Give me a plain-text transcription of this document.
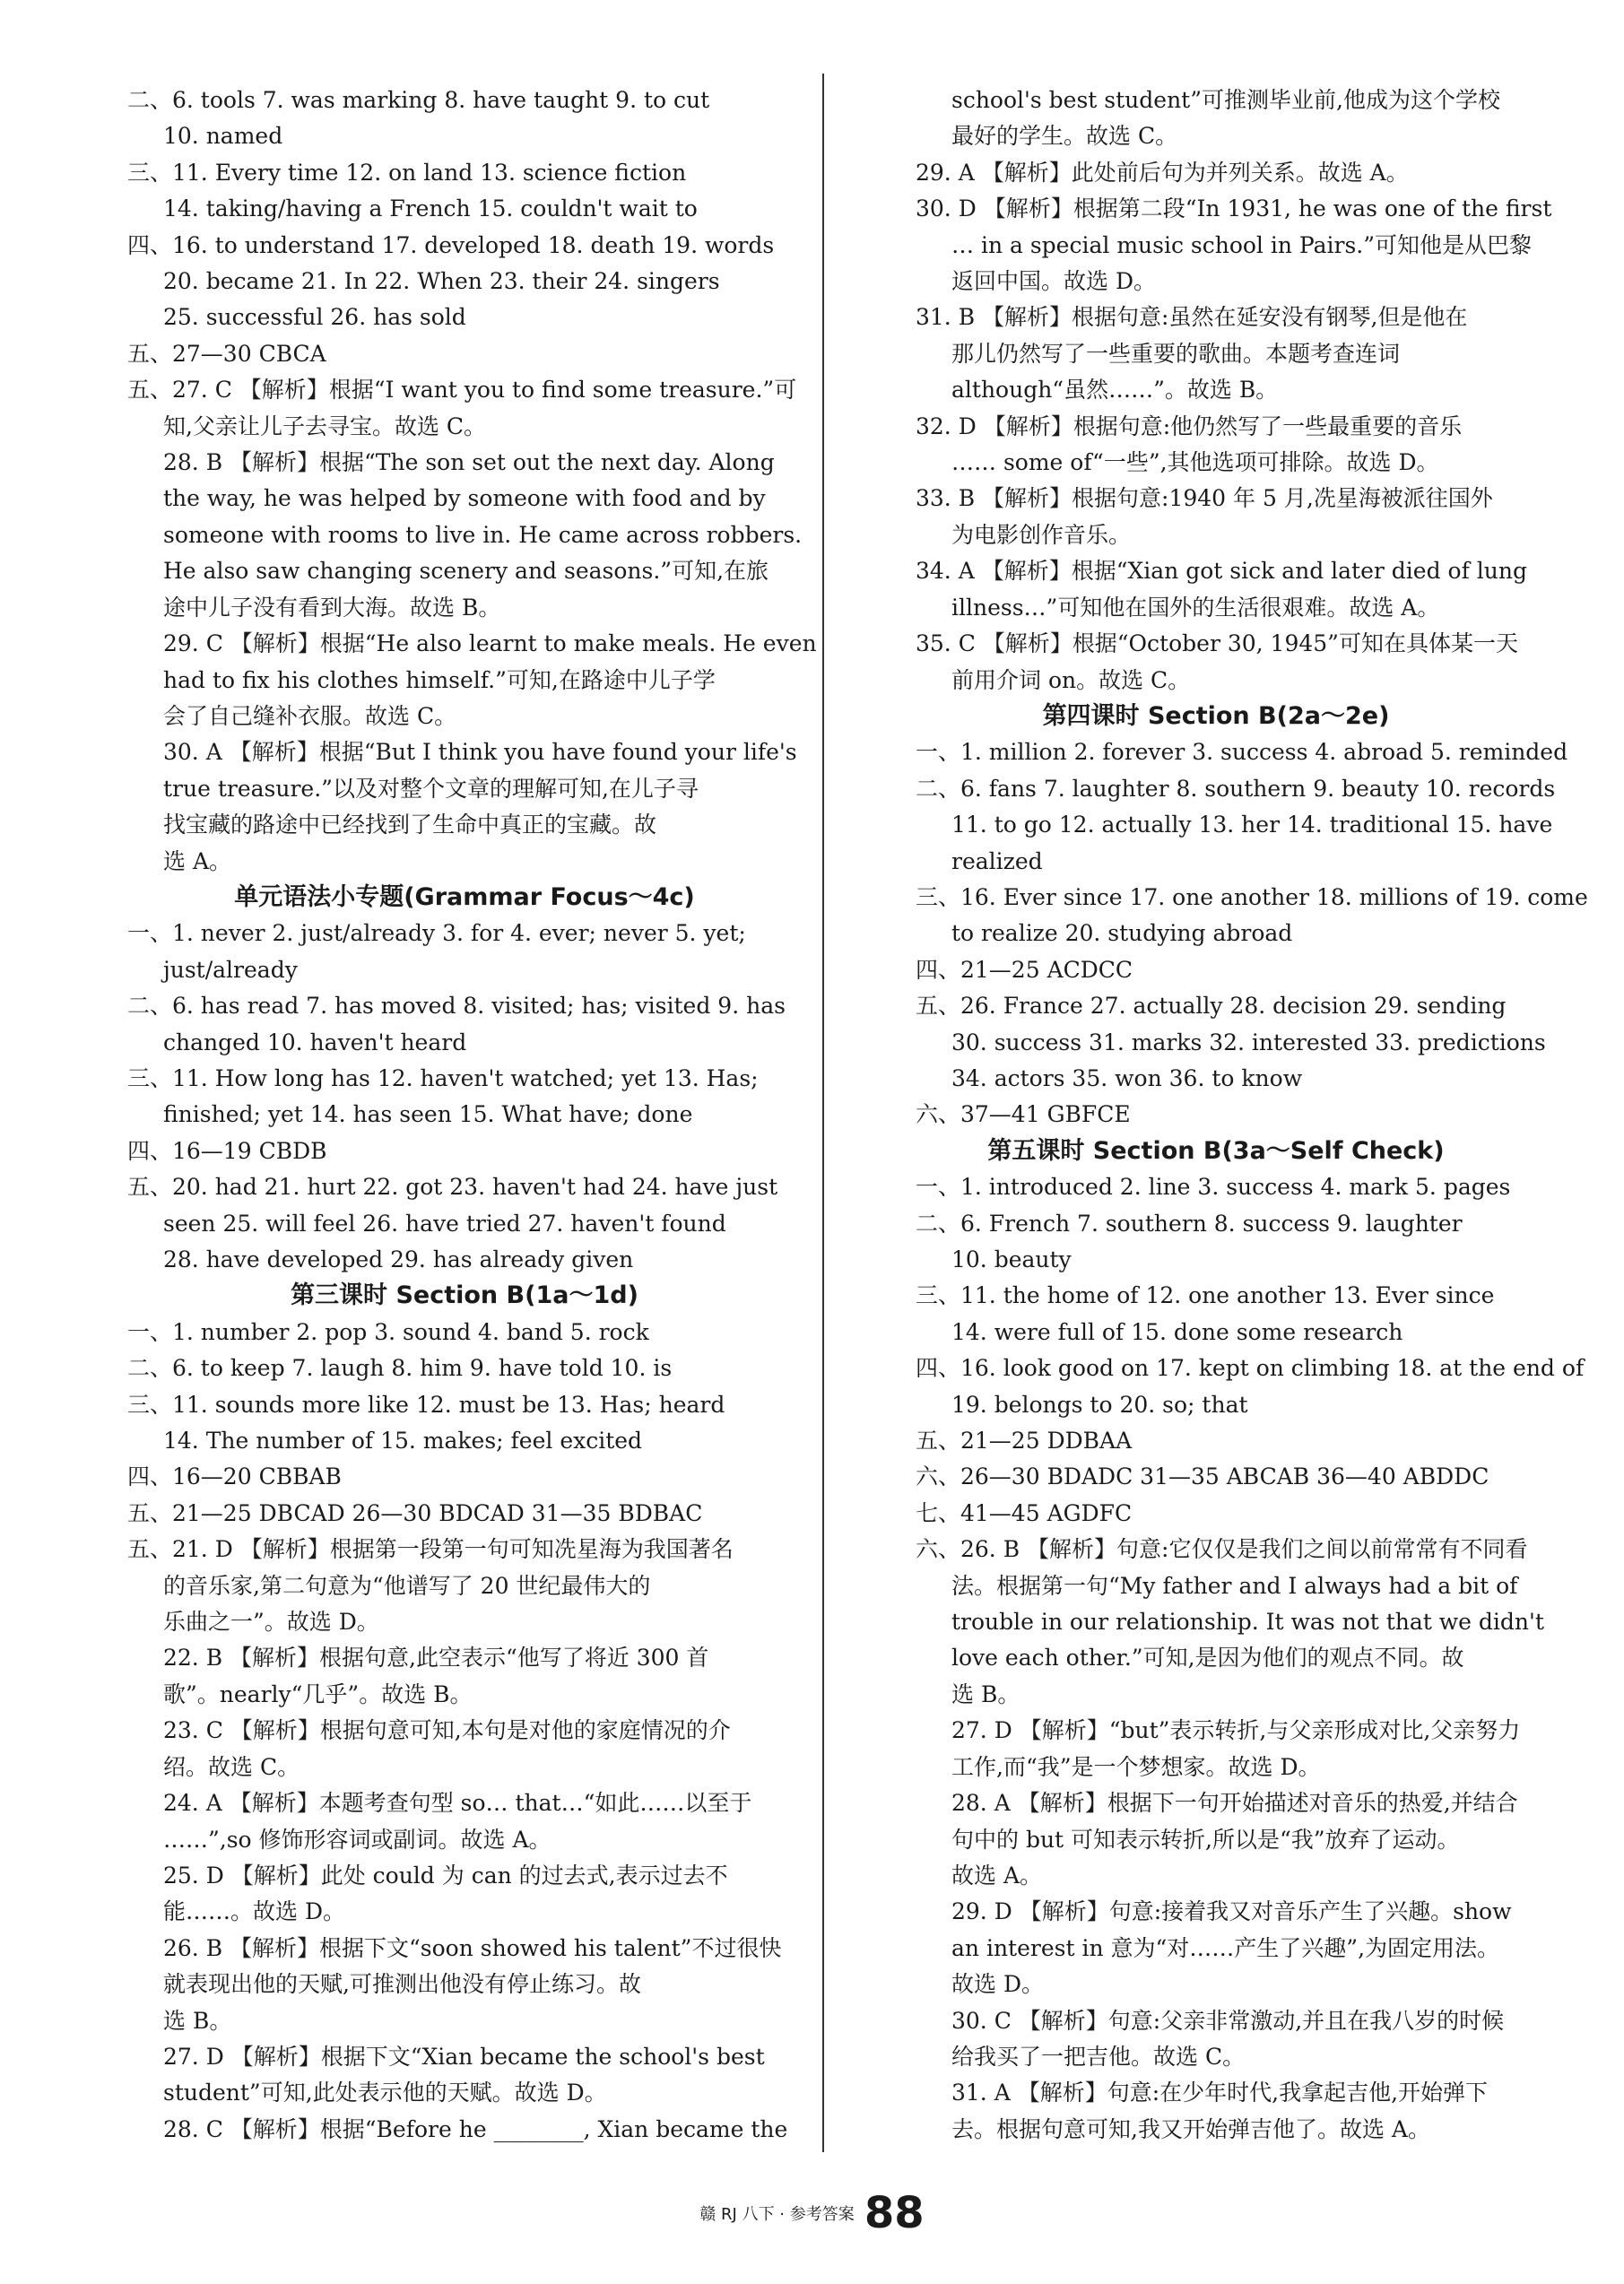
二、6. tools 7. was marking 8. have taught 9. to cut
10. named
三、11. Every time 12. on land 13. science fiction
14. taking/having a French 15. couldn't wait to
四、16. to understand 17. developed 18. death 19. words
20. became 21. In 22. When 23. their 24. singers
25. successful 26. has sold
五、27—30 CBCA
五、27. C 【解析】根据“I want you to find some treasure.”可
知,父亲让儿子去寻宝。故选 C。
28. B 【解析】根据“The son set out the next day. Along
the way, he was helped by someone with food and by
someone with rooms to live in. He came across robbers.
He also saw changing scenery and seasons.”可知,在旅
途中儿子没有看到大海。故选 B。
29. C 【解析】根据“He also learnt to make meals. He even
had to fix his clothes himself.”可知,在路途中儿子学
会了自己缝补衣服。故选 C。
30. A 【解析】根据“But I think you have found your life's
true treasure.”以及对整个文章的理解可知,在儿子寻
找宝藏的路途中已经找到了生命中真正的宝藏。故
选 A。
单元语法小专题(Grammar Focus～4c)
一、1. never 2. just/already 3. for 4. ever; never 5. yet;
just/already
二、6. has read 7. has moved 8. visited; has; visited 9. has
changed 10. haven't heard
三、11. How long has 12. haven't watched; yet 13. Has;
finished; yet 14. has seen 15. What have; done
四、16—19 CBDB
五、20. had 21. hurt 22. got 23. haven't had 24. have just
seen 25. will feel 26. have tried 27. haven't found
28. have developed 29. has already given
第三课时 Section B(1a～1d)
一、1. number 2. pop 3. sound 4. band 5. rock
二、6. to keep 7. laugh 8. him 9. have told 10. is
三、11. sounds more like 12. must be 13. Has; heard
14. The number of 15. makes; feel excited
四、16—20 CBBAB
五、21—25 DBCAD 26—30 BDCAD 31—35 BDBAC
五、21. D 【解析】根据第一段第一句可知冼星海为我国著名
的音乐家,第二句意为“他谱写了 20 世纪最伟大的
乐曲之一”。故选 D。
22. B 【解析】根据句意,此空表示“他写了将近 300 首
歌”。nearly“几乎”。故选 B。
23. C 【解析】根据句意可知,本句是对他的家庭情况的介
绍。故选 C。
24. A 【解析】本题考查句型 so… that…“如此……以至于
……”,so 修饰形容词或副词。故选 A。
25. D 【解析】此处 could 为 can 的过去式,表示过去不
能……。故选 D。
26. B 【解析】根据下文“soon showed his talent”不过很快
就表现出他的天赋,可推测出他没有停止练习。故
选 B。
27. D 【解析】根据下文“Xian became the school's best
student”可知,此处表示他的天赋。故选 D。
28. C 【解析】根据“Before he ________, Xian became the
school's best student”可推测毕业前,他成为这个学校
最好的学生。故选 C。
29. A 【解析】此处前后句为并列关系。故选 A。
30. D 【解析】根据第二段“In 1931, he was one of the first
… in a special music school in Pairs.”可知他是从巴黎
返回中国。故选 D。
31. B 【解析】根据句意:虽然在延安没有钢琴,但是他在
那儿仍然写了一些重要的歌曲。本题考查连词
although“虽然……”。故选 B。
32. D 【解析】根据句意:他仍然写了一些最重要的音乐
…… some of“一些”,其他选项可排除。故选 D。
33. B 【解析】根据句意:1940 年 5 月,冼星海被派往国外
为电影创作音乐。
34. A 【解析】根据“Xian got sick and later died of lung
illness…”可知他在国外的生活很艰难。故选 A。
35. C 【解析】根据“October 30, 1945”可知在具体某一天
前用介词 on。故选 C。
第四课时 Section B(2a～2e)
一、1. million 2. forever 3. success 4. abroad 5. reminded
二、6. fans 7. laughter 8. southern 9. beauty 10. records
11. to go 12. actually 13. her 14. traditional 15. have
realized
三、16. Ever since 17. one another 18. millions of 19. come
to realize 20. studying abroad
四、21—25 ACDCC
五、26. France 27. actually 28. decision 29. sending
30. success 31. marks 32. interested 33. predictions
34. actors 35. won 36. to know
六、37—41 GBFCE
第五课时 Section B(3a～Self Check)
一、1. introduced 2. line 3. success 4. mark 5. pages
二、6. French 7. southern 8. success 9. laughter
10. beauty
三、11. the home of 12. one another 13. Ever since
14. were full of 15. done some research
四、16. look good on 17. kept on climbing 18. at the end of
19. belongs to 20. so; that
五、21—25 DDBAA
六、26—30 BDADC 31—35 ABCAB 36—40 ABDDC
七、41—45 AGDFC
六、26. B 【解析】句意:它仅仅是我们之间以前常常有不同看
法。根据第一句“My father and I always had a bit of
trouble in our relationship. It was not that we didn't
love each other.”可知,是因为他们的观点不同。故
选 B。
27. D 【解析】“but”表示转折,与父亲形成对比,父亲努力
工作,而“我”是一个梦想家。故选 D。
28. A 【解析】根据下一句开始描述对音乐的热爱,并结合
句中的 but 可知表示转折,所以是“我”放弃了运动。
故选 A。
29. D 【解析】句意:接着我又对音乐产生了兴趣。show
an interest in 意为“对……产生了兴趣”,为固定用法。
故选 D。
30. C 【解析】句意:父亲非常激动,并且在我八岁的时候
给我买了一把吉他。故选 C。
31. A 【解析】句意:在少年时代,我拿起吉他,开始弹下
去。根据句意可知,我又开始弹吉他了。故选 A。
赣 RJ 八下 · 参考答案 88
